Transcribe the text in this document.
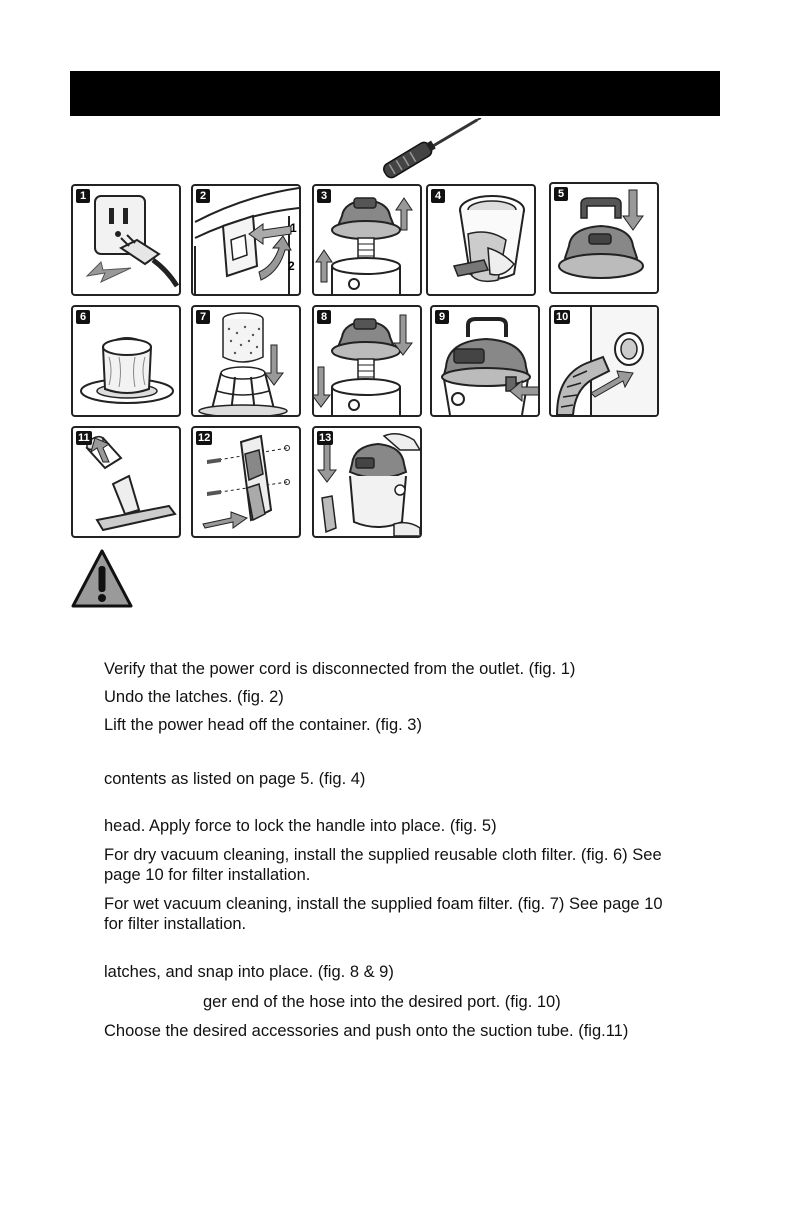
1	2
1
2
3	4	5
6	7	8	9	10
11	12	13
Verify that the power cord is disconnected from the outlet. (fig. 1)
Undo the latches. (fig. 2)
Lift the power head off the container. (fig. 3)
contents as listed on page 5. (fig. 4)
head. Apply force to lock the handle into place. (fig. 5)
For dry vacuum cleaning, install the supplied reusable cloth filter. (fig. 6) See
page 10 for filter installation.
For wet vacuum cleaning, install the supplied foam filter. (fig. 7) See page 10
for filter installation.
latches, and snap into place. (fig. 8 & 9)
ger end of the hose into the desired port. (fig. 10)
Choose the desired accessories and push onto the suction tube. (fig.11)
